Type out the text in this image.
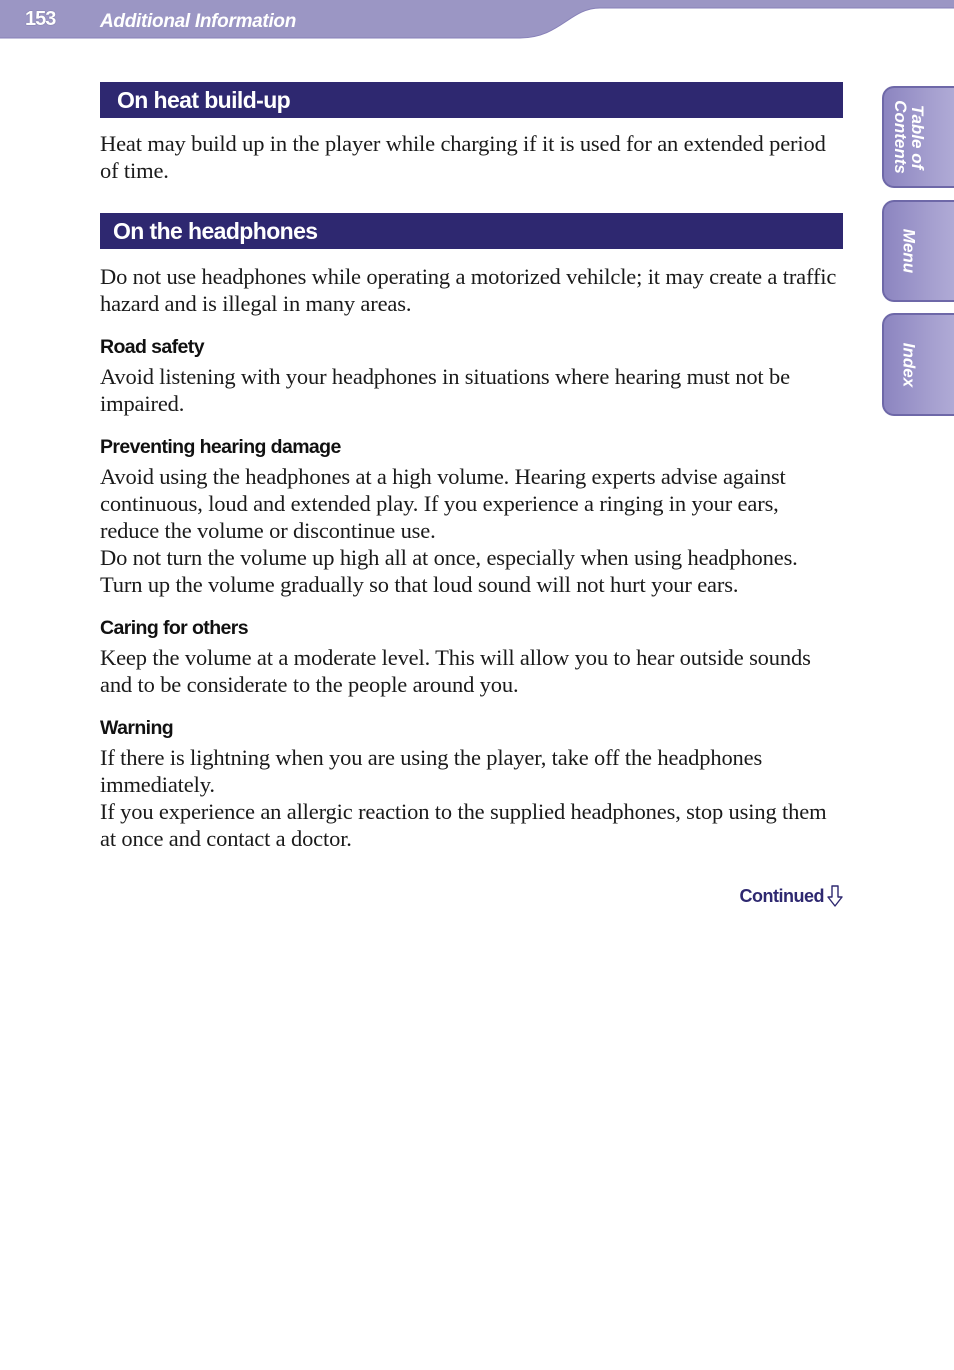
153 Additional Information
Table of
Contents
Menu
Index
On heat build-up

Heat may build up in the player while charging if it is used for an extended period of time.

On the headphones

Do not use headphones while operating a motorized vehilcle; it may create a traffic hazard and is illegal in many areas.

Road safety

Avoid listening with your headphones in situations where hearing must not be impaired.

Preventing hearing damage

Avoid using the headphones at a high volume. Hearing experts advise against continuous, loud and extended play. If you experience a ringing in your ears, reduce the volume or discontinue use.

Do not turn the volume up high all at once, especially when using headphones. Turn up the volume gradually so that loud sound will not hurt your ears.

Caring for others

Keep the volume at a moderate level. This will allow you to hear outside sounds and to be considerate to the people around you.

Warning

If there is lightning when you are using the player, take off the headphones immediately.

If you experience an allergic reaction to the supplied headphones, stop using them at once and contact a doctor.

Continued
